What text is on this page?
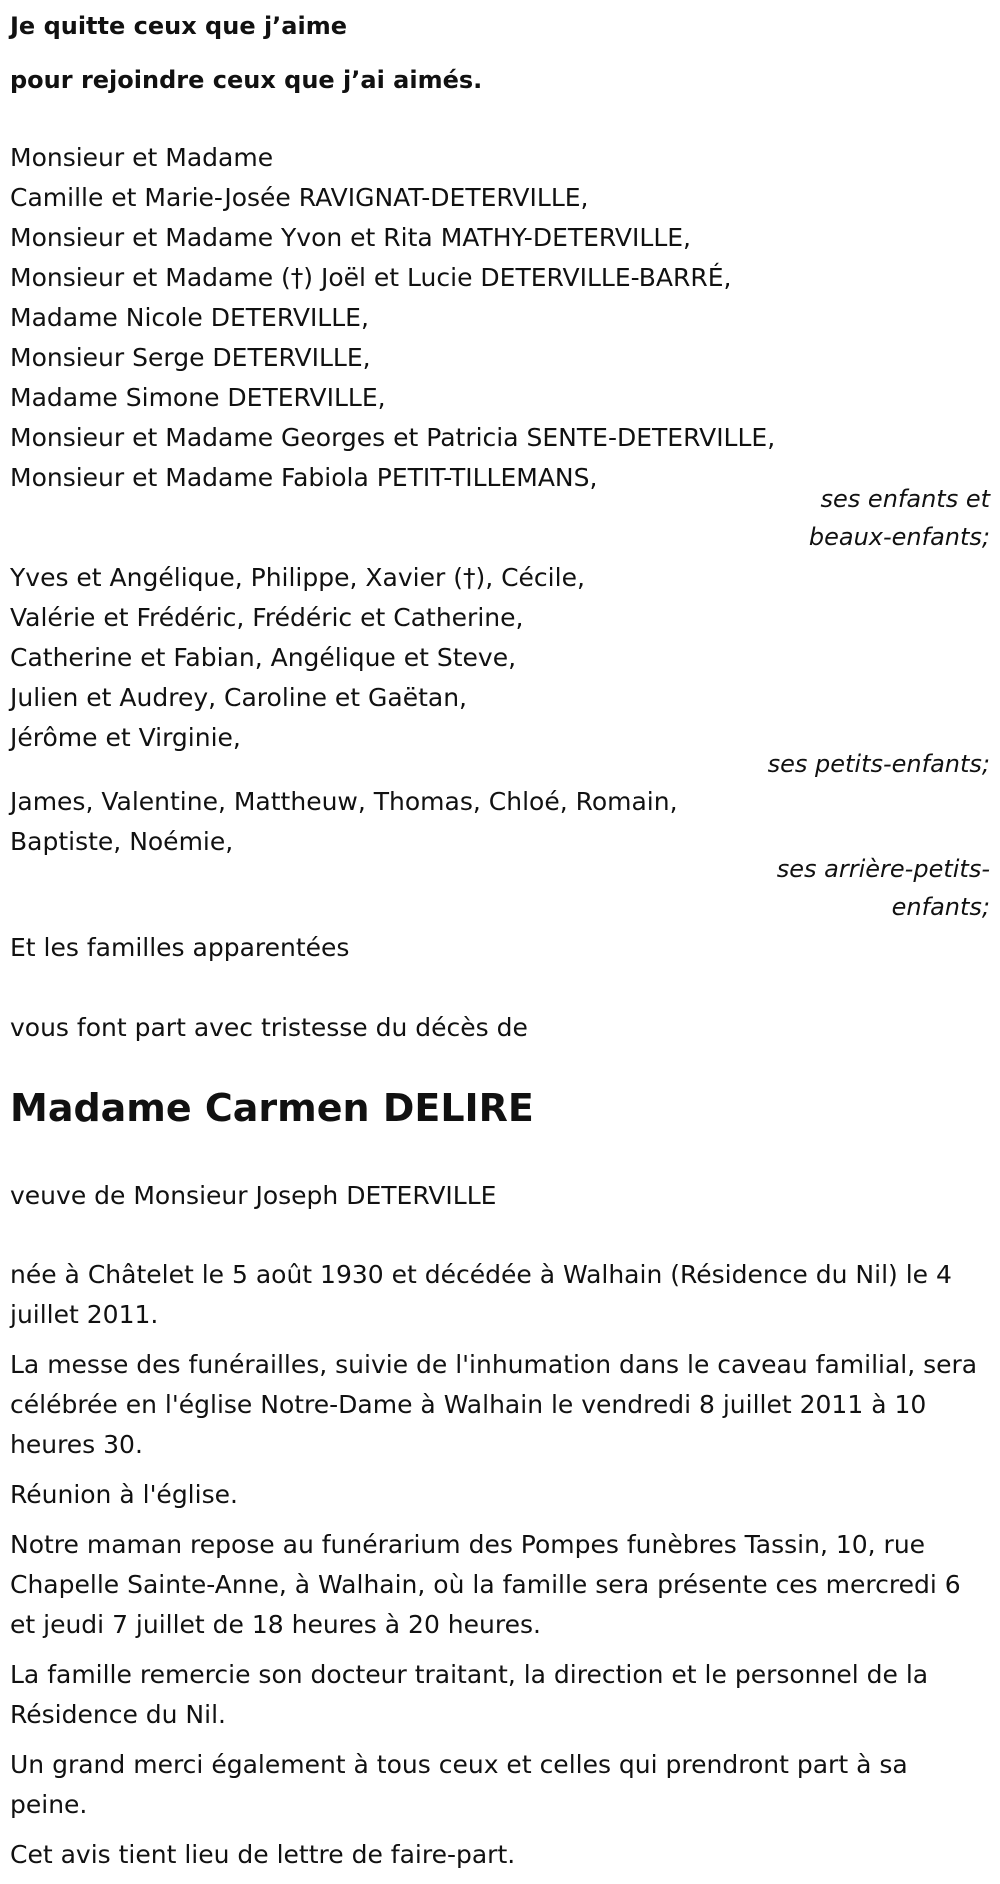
Je quitte ceux que j’aime
pour rejoindre ceux que j’ai aimés.
Monsieur et Madame
Camille et Marie-Josée RAVIGNAT-DETERVILLE,
Monsieur et Madame Yvon et Rita MATHY-DETERVILLE,
Monsieur et Madame (†) Joël et Lucie DETERVILLE-BARRÉ,
Madame Nicole DETERVILLE,
Monsieur Serge DETERVILLE,
Madame Simone DETERVILLE,
Monsieur et Madame Georges et Patricia SENTE-DETERVILLE,
Monsieur et Madame Fabiola PETIT-TILLEMANS,
ses enfants et
beaux-enfants;
Yves et Angélique, Philippe, Xavier (†), Cécile,
Valérie et Frédéric, Frédéric et Catherine,
Catherine et Fabian, Angélique et Steve,
Julien et Audrey, Caroline et Gaëtan,
Jérôme et Virginie,
ses petits-enfants;
James, Valentine, Mattheuw, Thomas, Chloé, Romain,
Baptiste, Noémie,
ses arrière-petits-
enfants;
Et les familles apparentées
vous font part avec tristesse du décès de
Madame Carmen DELIRE
veuve de Monsieur Joseph DETERVILLE
née à Châtelet le 5 août 1930 et décédée à Walhain (Résidence du Nil) le 4 juillet 2011.
La messe des funérailles, suivie de l'inhumation dans le caveau familial, sera célébrée en l'église Notre-Dame à Walhain le vendredi 8 juillet 2011 à 10 heures 30.
Réunion à l'église.
Notre maman repose au funérarium des Pompes funèbres Tassin, 10, rue Chapelle Sainte-Anne, à Walhain, où la famille sera présente ces mercredi 6 et jeudi 7 juillet de 18 heures à 20 heures.
La famille remercie son docteur traitant, la direction et le personnel de la Résidence du Nil.
Un grand merci également à tous ceux et celles qui prendront part à sa peine.
Cet avis tient lieu de lettre de faire-part.
